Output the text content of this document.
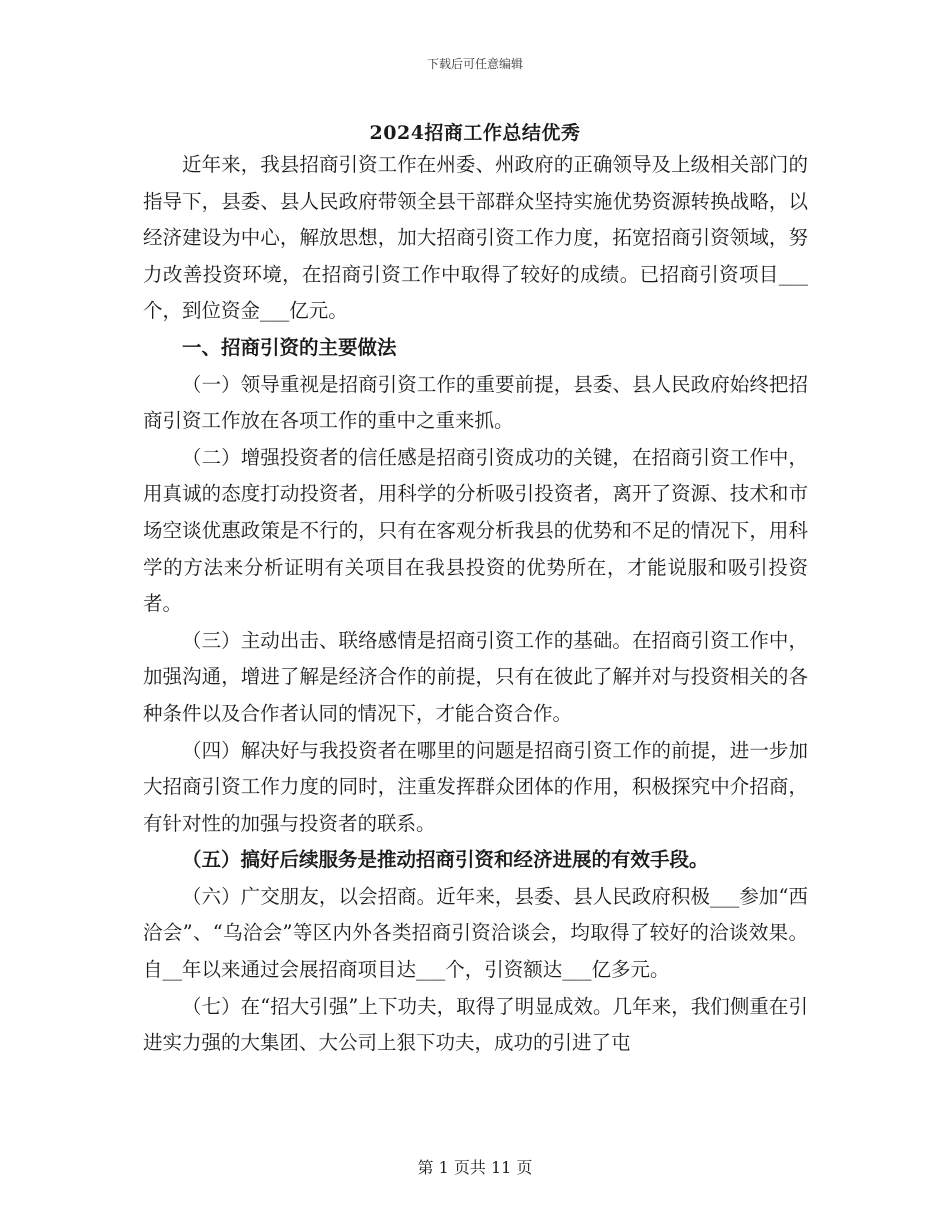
下载后可任意编辑
2024招商工作总结优秀

近年来，我县招商引资工作在州委、州政府的正确领导及上级相关部门的指导下，县委、县人民政府带领全县干部群众坚持实施优势资源转换战略，以经济建设为中心，解放思想，加大招商引资工作力度，拓宽招商引资领域，努力改善投资环境，在招商引资工作中取得了较好的成绩。已招商引资项目___个，到位资金___亿元。

一、招商引资的主要做法

（一）领导重视是招商引资工作的重要前提，县委、县人民政府始终把招商引资工作放在各项工作的重中之重来抓。

（二）增强投资者的信任感是招商引资成功的关键，在招商引资工作中，用真诚的态度打动投资者，用科学的分析吸引投资者，离开了资源、技术和市场空谈优惠政策是不行的，只有在客观分析我县的优势和不足的情况下，用科学的方法来分析证明有关项目在我县投资的优势所在，才能说服和吸引投资者。

（三）主动出击、联络感情是招商引资工作的基础。在招商引资工作中，加强沟通，增进了解是经济合作的前提，只有在彼此了解并对与投资相关的各种条件以及合作者认同的情况下，才能合资合作。

（四）解决好与我投资者在哪里的问题是招商引资工作的前提，进一步加大招商引资工作力度的同时，注重发挥群众团体的作用，积极探究中介招商，有针对性的加强与投资者的联系。

（五）搞好后续服务是推动招商引资和经济进展的有效手段。

（六）广交朋友，以会招商。近年来，县委、县人民政府积极___参加“西洽会”、“乌洽会”等区内外各类招商引资洽谈会，均取得了较好的洽谈效果。自__年以来通过会展招商项目达___个，引资额达___亿多元。

（七）在“招大引强”上下功夫，取得了明显成效。几年来，我们侧重在引进实力强的大集团、大公司上狠下功夫，成功的引进了屯

第 1 页共 11 页
